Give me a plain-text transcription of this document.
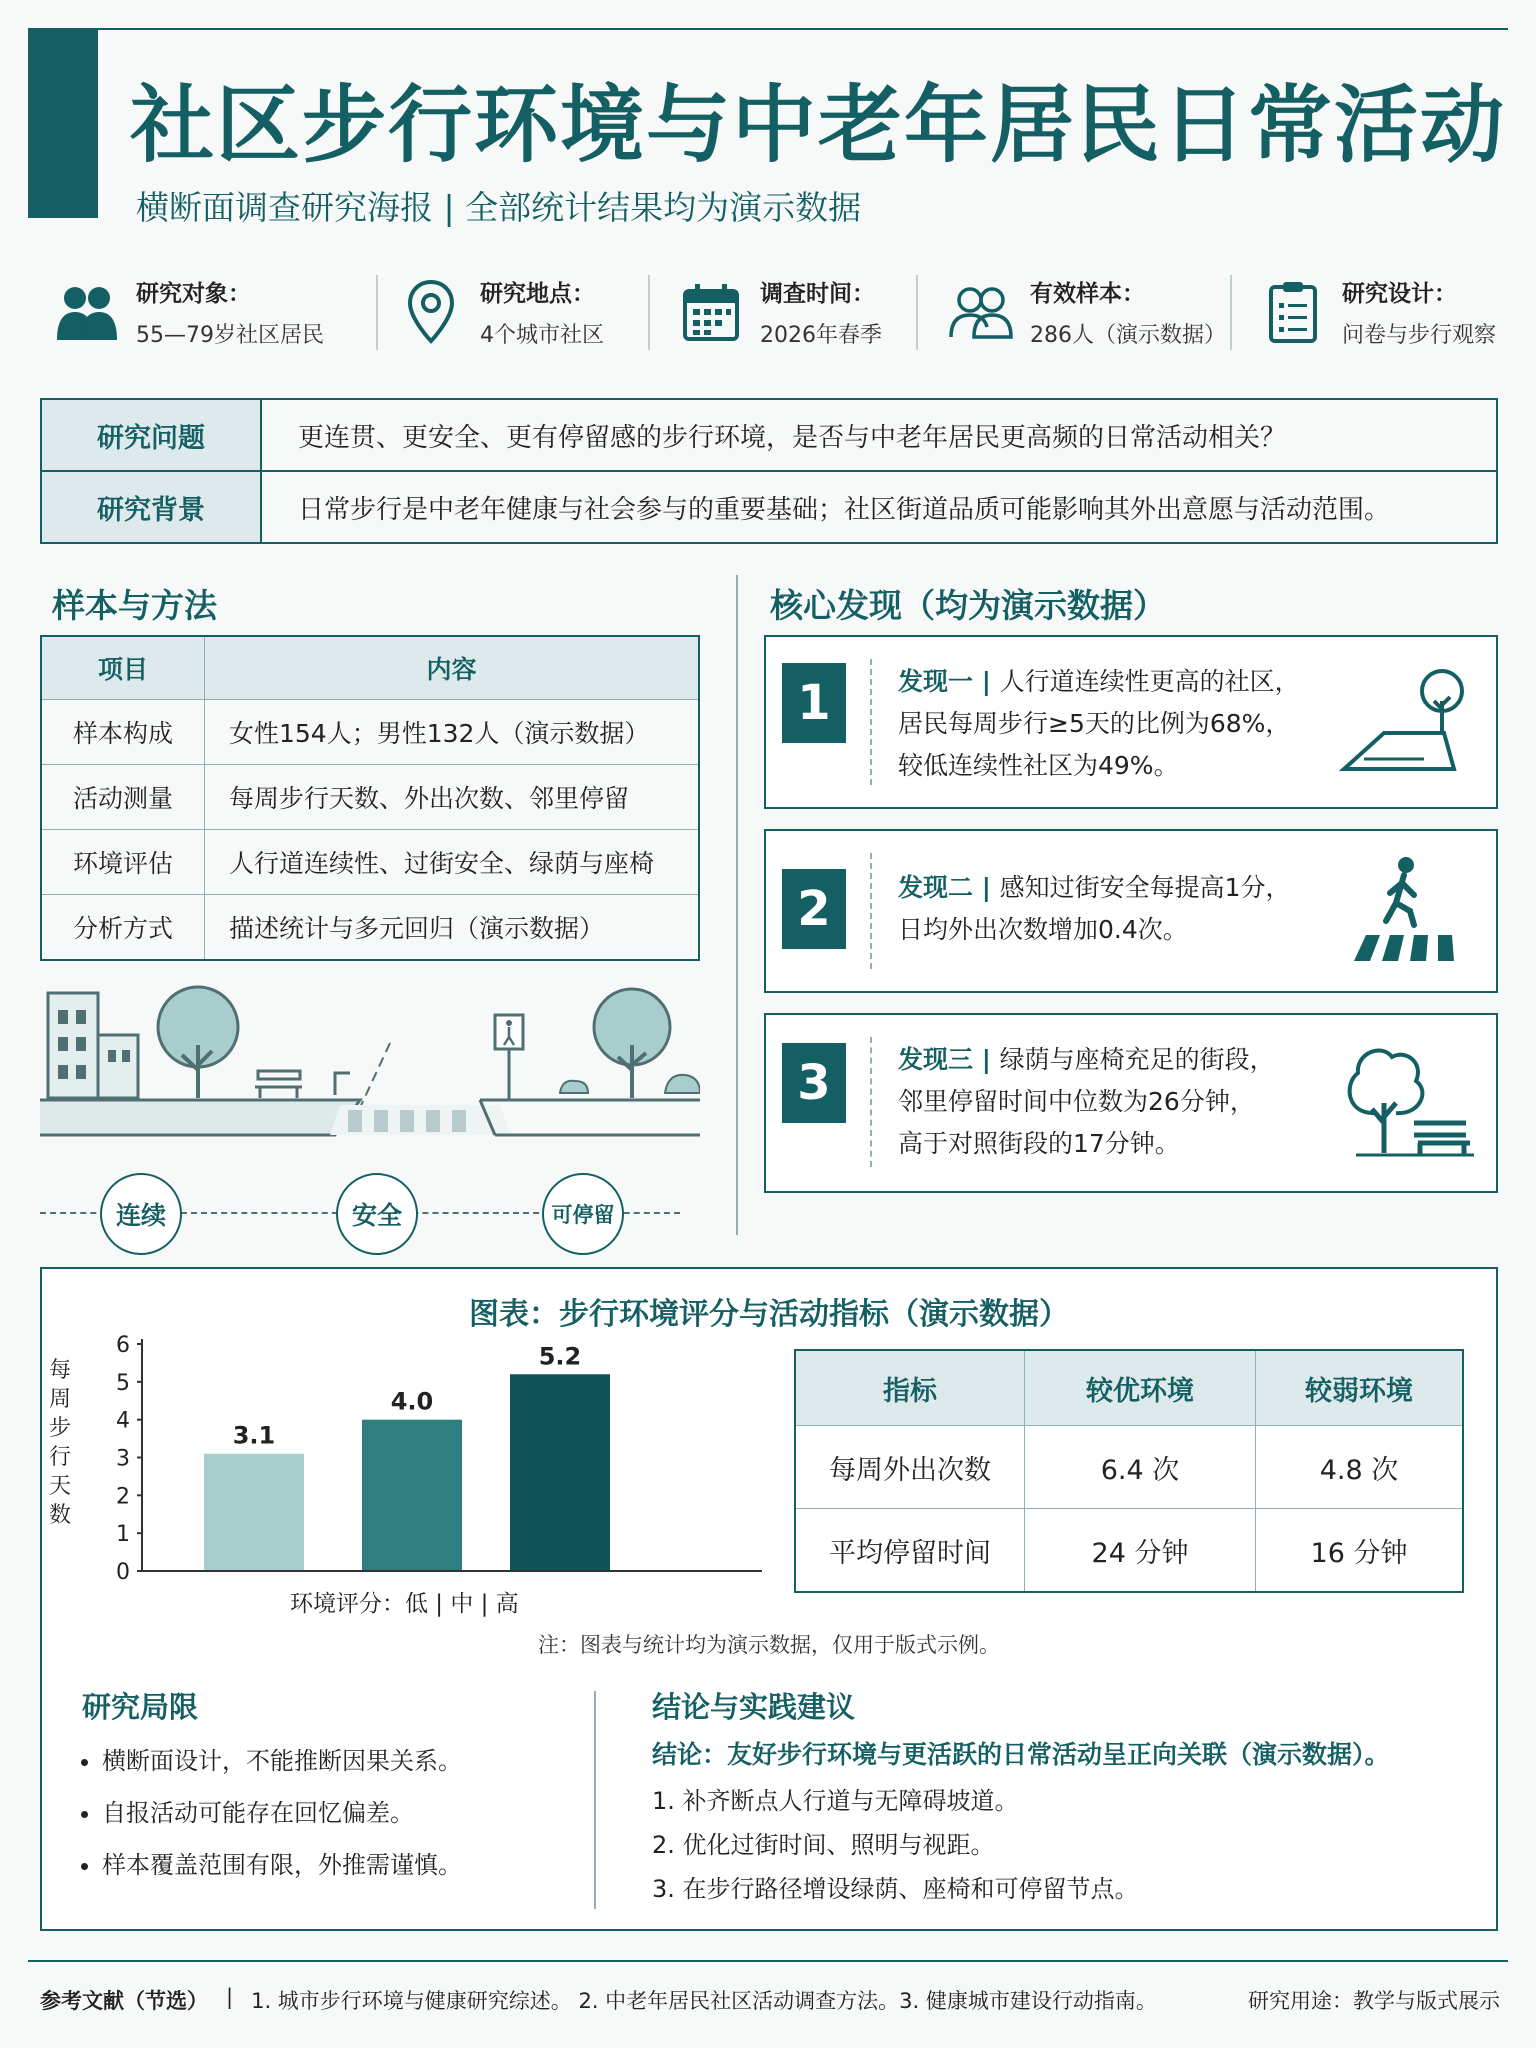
社区步行环境与中老年居民日常活动
横断面调查研究海报 | 全部统计结果均为演示数据
研究对象：
55—79岁社区居民
研究地点：
4个城市社区
调查时间：
2026年春季
有效样本：
286人（演示数据）
研究设计：
问卷与步行观察
研究问题	更连贯、更安全、更有停留感的步行环境，是否与中老年居民更高频的日常活动相关？
研究背景	日常步行是中老年健康与社会参与的重要基础；社区街道品质可能影响其外出意愿与活动范围。
样本与方法
项目	内容
样本构成	女性154人；男性132人（演示数据）
活动测量	每周步行天数、外出次数、邻里停留
环境评估	人行道连续性、过街安全、绿荫与座椅
分析方式	描述统计与多元回归（演示数据）
连续	安全	可停留
核心发现（均为演示数据）
1	发现一 | 人行道连续性更高的社区，
居民每周步行≥5天的比例为68%，
较低连续性社区为49%。
2	发现二 | 感知过街安全每提高1分，
日均外出次数增加0.4次。
3	发现三 | 绿荫与座椅充足的街段，
邻里停留时间中位数为26分钟，
高于对照街段的17分钟。
图表：步行环境评分与活动指标（演示数据）
每周步行天数
0
1
2
3
4
5
6
3.1
4.0
5.2
环境评分：低 | 中 | 高
指标	较优环境	较弱环境
每周外出次数	6.4 次	4.8 次
平均停留时间	24 分钟	16 分钟
注：图表与统计均为演示数据，仅用于版式示例。
研究局限
• 横断面设计，不能推断因果关系。
• 自报活动可能存在回忆偏差。
• 样本覆盖范围有限，外推需谨慎。
结论与实践建议
结论：友好步行环境与更活跃的日常活动呈正向关联（演示数据）。
1. 补齐断点人行道与无障碍坡道。
2. 优化过街时间、照明与视距。
3. 在步行路径增设绿荫、座椅和可停留节点。
参考文献（节选） | 1. 城市步行环境与健康研究综述。 2. 中老年居民社区活动调查方法。3. 健康城市建设行动指南。	研究用途：教学与版式展示
